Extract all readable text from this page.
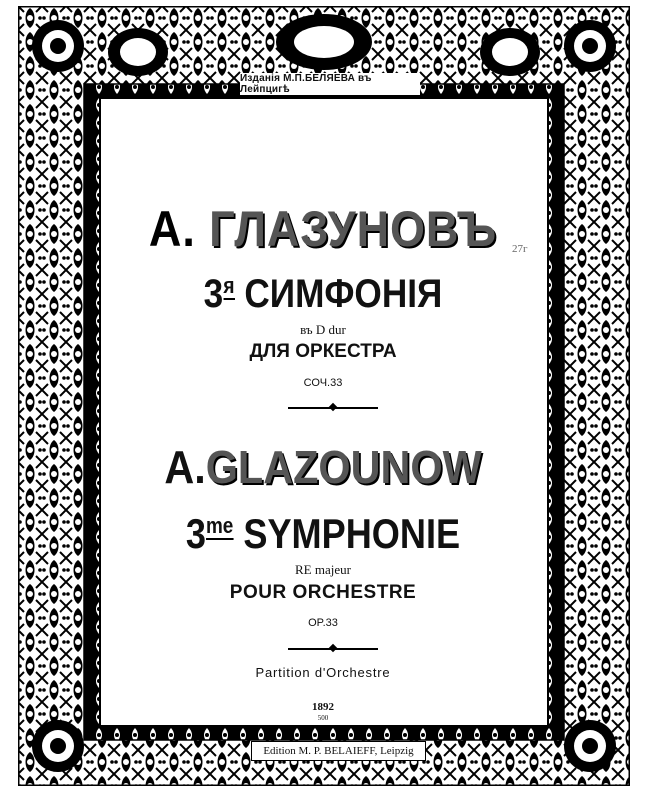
Изданія М.П.БЕЛЯЕВА въ Лейпцигѣ
27г
А. ГЛАЗУНОВЪ
$3^я$ СИМФОНІЯ
въ D dur
ДЛЯ ОРКЕСТРА
СОЧ.33
A.GLAZOUNOW
$3^{me}$ SYMPHONIE
RE majeur
POUR ORCHESTRE
OP.33
Partition d'Orchestre
1892
500
Edition M. P. BELAIEFF, Leipzig
